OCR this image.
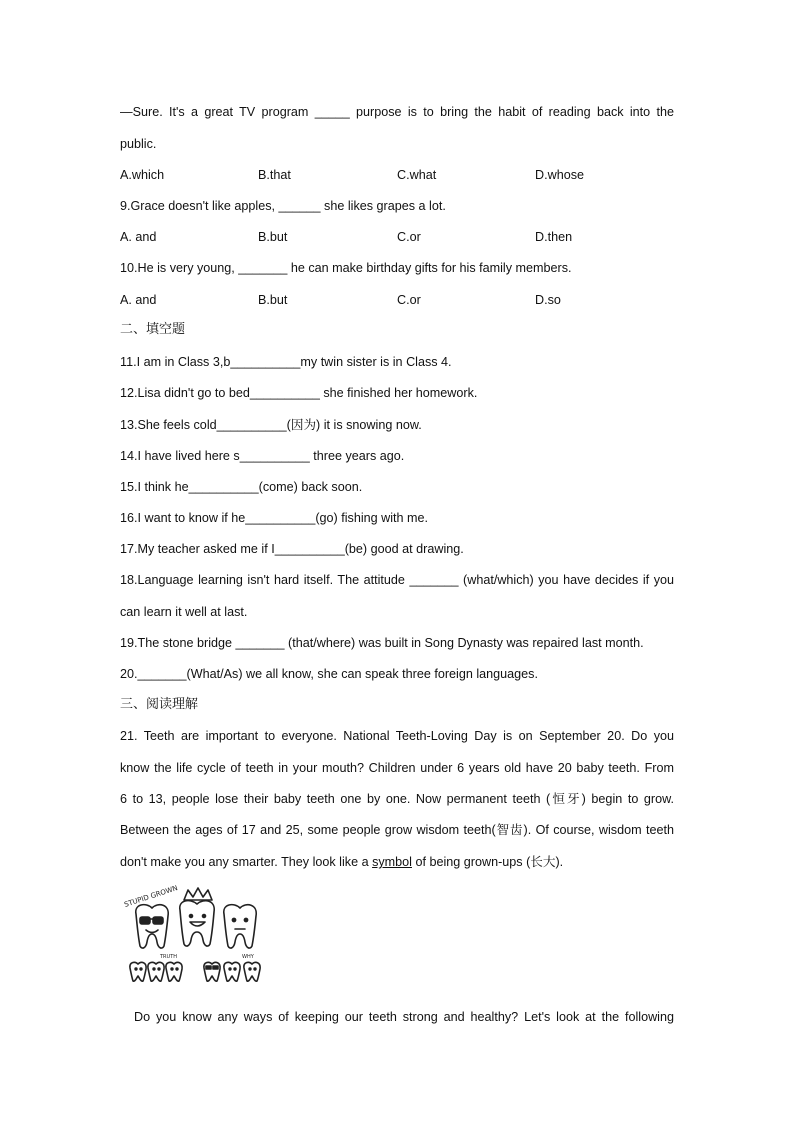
—Sure. It's a great TV program _____ purpose is to bring the habit of reading back into the
public.
A.which	B.that	C.what	D.whose
9.Grace doesn't like apples, ______ she likes grapes a lot.
A. and	B.but	C.or	D.then
10.He is very young, _______ he can make birthday gifts for his family members.
A. and	B.but	C.or	D.so
二、填空题
11.I am in Class 3,b__________my twin sister is in Class 4.
12.Lisa didn't go to bed__________ she finished her homework.
13.She feels cold__________(因为) it is snowing now.
14.I have lived here s__________ three years ago.
15.I think he__________(come) back soon.
16.I want to know if he__________(go) fishing with me.
17.My teacher asked me if I__________(be) good at drawing.
18.Language learning isn't hard itself. The attitude _______ (what/which) you have decides if you
can learn it well at last.
19.The stone bridge _______ (that/where) was built in Song Dynasty was repaired last month.
20._______(What/As) we all know, she can speak three foreign languages.
三、阅读理解
21. Teeth are important to everyone. National Teeth-Loving Day is on September 20. Do you
know the life cycle of teeth in your mouth? Children under 6 years old have 20 baby teeth. From
6 to 13, people lose their baby teeth one by one. Now permanent teeth (恒牙) begin to grow.
Between the ages of 17 and 25, some people grow wisdom teeth(智齿). Of course, wisdom teeth
don't make you any smarter. They look like a symbol of being grown-ups (长大).
Do you know any ways of keeping our teeth strong and healthy? Let's look at the following
STUPID GROWN
TRUTH	WHY
